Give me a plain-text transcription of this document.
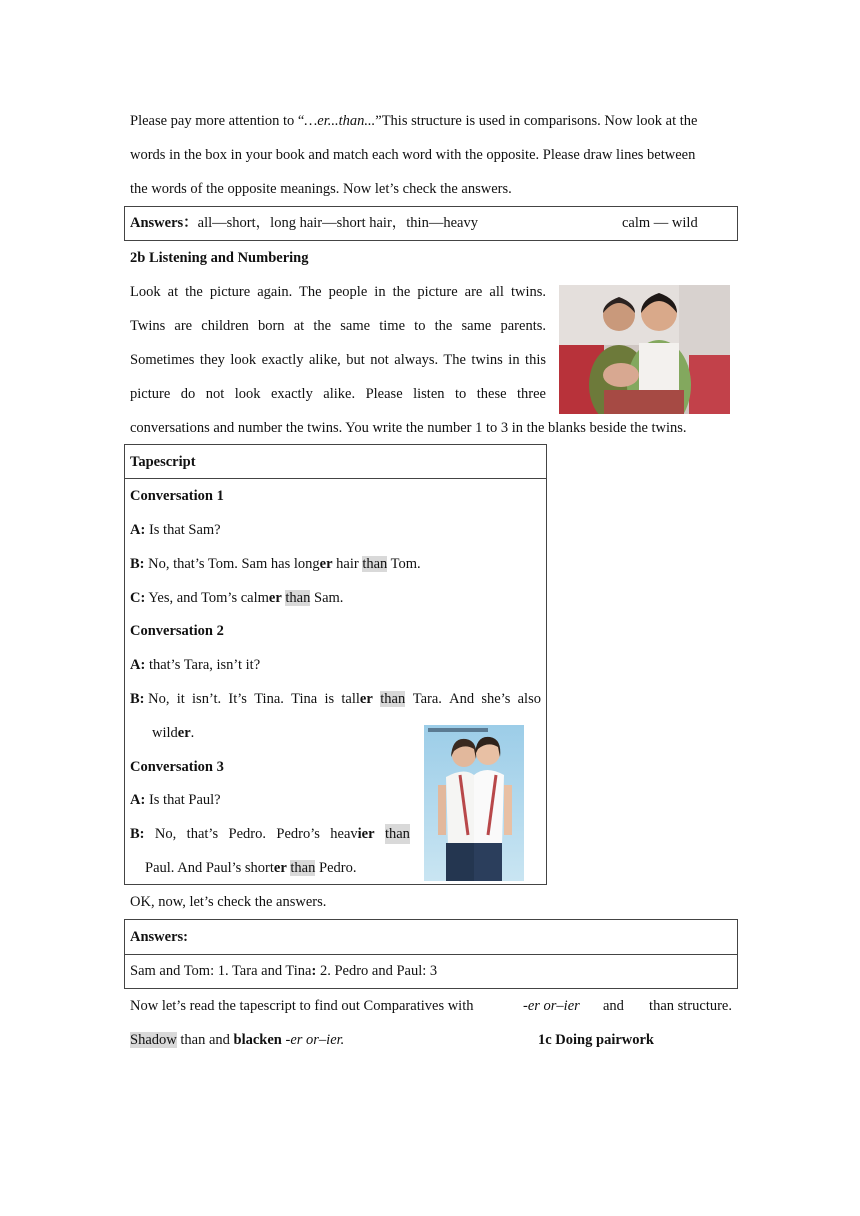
Please pay more attention to “…er...than...”This structure is used in comparisons. Now look at the
words in the box in your book and match each word with the opposite. Please draw lines between
the words of the opposite meanings. Now let’s check the answers.
Answers：all—short，long hair—short hair，thin—heavy	calm — wild
2b Listening and Numbering
Look at the picture again. The people in the picture are all twins.
Twins are children born at the same time to the same parents.
Sometimes they look exactly alike, but not always. The twins in this
picture do not look exactly alike. Please listen to these three
conversations and number the twins. You write the number 1 to 3 in the blanks beside the twins.
Tapescript
Conversation 1
A: Is that Sam?
B: No, that’s Tom. Sam has longer hair than Tom.
C: Yes, and Tom’s calmer than Sam.
Conversation 2
A: that’s Tara, isn’t it?
B: No,  it  isn’t.  It’s  Tina.  Tina  is  taller than Tara.  And  she’s  also
wilder.
Conversation 3
A: Is that Paul?
B: No, that’s Pedro. Pedro’s heavier than
Paul. And Paul’s shorter than Pedro.
OK, now, let’s check the answers.
Answers:
Sam and Tom: 1. Tara and Tina: 2. Pedro and Paul: 3
Now let’s read the tapescript to find out Comparatives with	-er or–ier and	than structure.
Shadow than and blacken -er or–ier.	1c Doing pairwork
